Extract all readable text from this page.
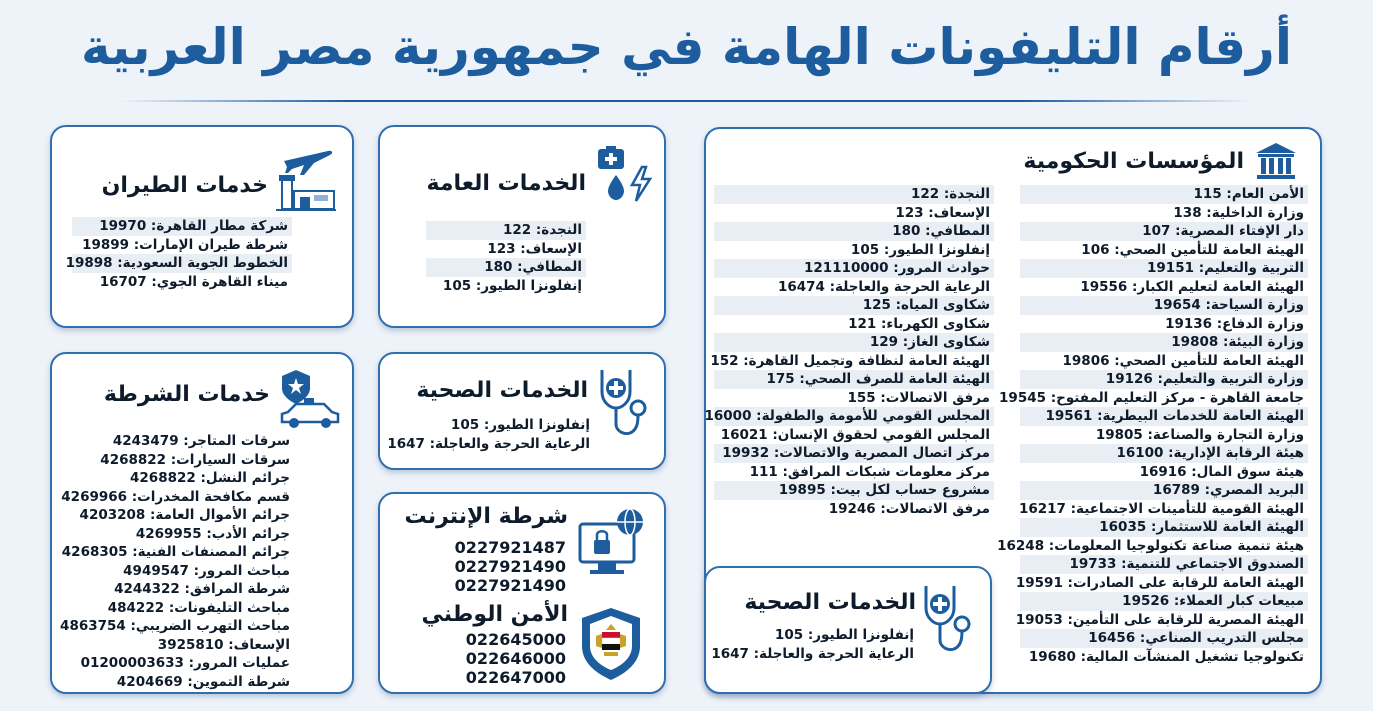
أرقام التليفونات الهامة في جمهورية مصر العربية
المؤسسات الحكومية
الأمن العام: 115
وزارة الداخلية: 138
دار الإفتاء المصرية: 107
الهيئة العامة للتأمين الصحي: 106
التربية والتعليم: 19151
الهيئة العامة لتعليم الكبار: 19556
وزارة السياحة: 19654
وزارة الدفاع: 19136
وزارة البيئة: 19808
الهيئة العامة للتأمين الصحي: 19806
وزارة التربية والتعليم: 19126
جامعة القاهرة - مركز التعليم المفتوح: 19545
الهيئة العامة للخدمات البيطرية: 19561
وزارة التجارة والصناعة: 19805
هيئة الرقابة الإدارية: 16100
هيئة سوق المال: 16916
البريد المصري: 16789
الهيئة القومية للتأمينات الاجتماعية: 16217
الهيئة العامة للاستثمار: 16035
هيئة تنمية صناعة تكنولوجيا المعلومات: 16248
الصندوق الاجتماعي للتنمية: 19733
الهيئة العامة للرقابة على الصادرات: 19591
مبيعات كبار العملاء: 19526
الهيئة المصرية للرقابة على التأمين: 19053
مجلس التدريب الصناعي: 16456
تكنولوجيا تشغيل المنشآت المالية: 19680
النجدة: 122
الإسعاف: 123
المطافي: 180
إنفلونزا الطيور: 105
حوادث المرور: 121110000
الرعاية الحرجة والعاجلة: 16474
شكاوى المياه: 125
شكاوى الكهرباء: 121
شكاوى الغاز: 129
الهيئة العامة لنظافة وتجميل القاهرة: 152
الهيئة العامة للصرف الصحي: 175
مرفق الاتصالات: 155
المجلس القومي للأمومة والطفولة: 16000
المجلس القومي لحقوق الإنسان: 16021
مركز اتصال المصرية والاتصالات: 19932
مركز معلومات شبكات المرافق: 111
مشروع حساب لكل بيت: 19895
مرفق الاتصالات: 19246
الخدمات العامة
النجدة: 122
الإسعاف: 123
المطافي: 180
إنفلونزا الطيور: 105
خدمات الطيران
شركة مطار القاهرة: 19970
شرطة طيران الإمارات: 19899
الخطوط الجوية السعودية: 19898
ميناء القاهرة الجوي: 16707
الخدمات الصحية
إنفلونزا الطيور: 105
الرعاية الحرجة والعاجلة: 1647
الخدمات الصحية
إنفلونزا الطيور: 105
الرعاية الحرجة والعاجلة: 1647
خدمات الشرطة
سرقات المتاجر: 4243479
سرقات السيارات: 4268822
جرائم النشل: 4268822
قسم مكافحة المخدرات: 4269966
جرائم الأموال العامة: 4203208
جرائم الأدب: 4269955
جرائم المصنفات الفنية: 4268305
مباحث المرور: 4949547
شرطة المرافق: 4244322
مباحث التليفونات: 484222
مباحث التهرب الضريبي: 4863754
الإسعاف: 3925810
عمليات المرور: 01200003633
شرطة التموين: 4204669
شرطة الإنترنت
0227921487
0227921490
0227921490
الأمن الوطني
022645000
022646000
022647000
